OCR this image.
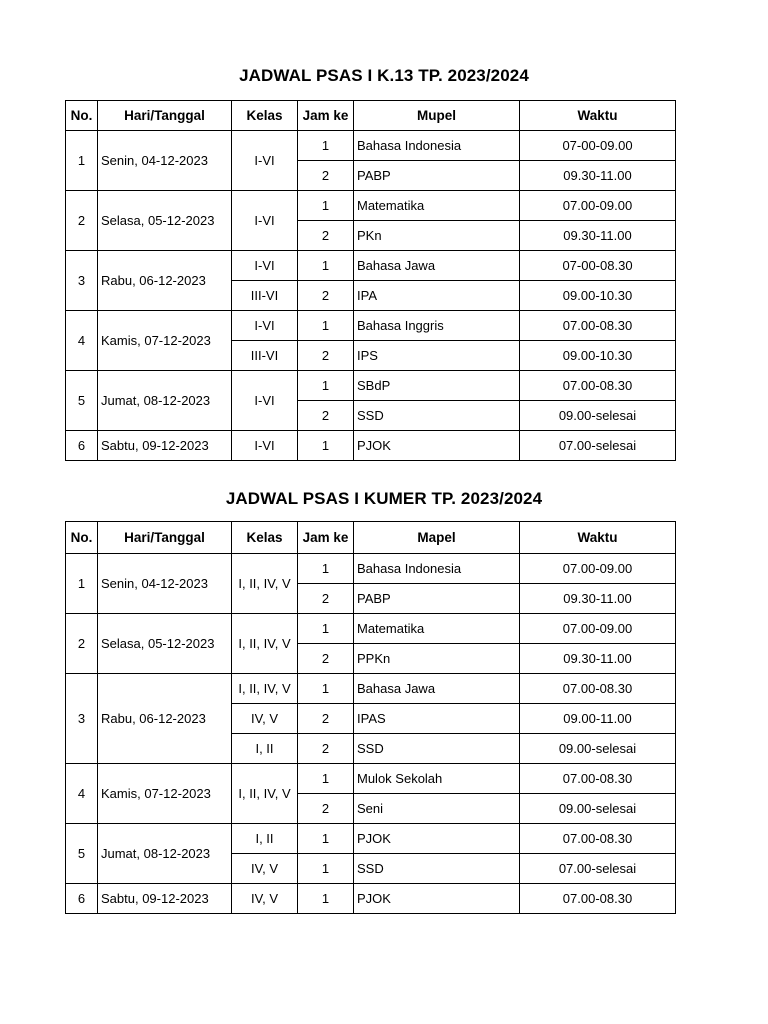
JADWAL PSAS I K.13 TP. 2023/2024
No.	Hari/Tanggal	Kelas	Jam ke	Mupel	Waktu
1	Senin, 04-12-2023	I-VI	1	Bahasa Indonesia	07-00-09.00
			2	PABP	09.30-11.00
2	Selasa, 05-12-2023	I-VI	1	Matematika	07.00-09.00
			2	PKn	09.30-11.00
3	Rabu, 06-12-2023	I-VI	1	Bahasa Jawa	07-00-08.30
		III-VI	2	IPA	09.00-10.30
4	Kamis, 07-12-2023	I-VI	1	Bahasa Inggris	07.00-08.30
		III-VI	2	IPS	09.00-10.30
5	Jumat, 08-12-2023	I-VI	1	SBdP	07.00-08.30
			2	SSD	09.00-selesai
6	Sabtu, 09-12-2023	I-VI	1	PJOK	07.00-selesai
JADWAL PSAS I KUMER TP. 2023/2024
No.	Hari/Tanggal	Kelas	Jam ke	Mapel	Waktu
1	Senin, 04-12-2023	I, II, IV, V	1	Bahasa Indonesia	07.00-09.00
			2	PABP	09.30-11.00
2	Selasa, 05-12-2023	I, II, IV, V	1	Matematika	07.00-09.00
			2	PPKn	09.30-11.00
3	Rabu, 06-12-2023	I, II, IV, V	1	Bahasa Jawa	07.00-08.30
		IV, V	2	IPAS	09.00-11.00
		I, II	2	SSD	09.00-selesai
4	Kamis, 07-12-2023	I, II, IV, V	1	Mulok Sekolah	07.00-08.30
			2	Seni	09.00-selesai
5	Jumat, 08-12-2023	I, II	1	PJOK	07.00-08.30
		IV, V	1	SSD	07.00-selesai
6	Sabtu, 09-12-2023	IV, V	1	PJOK	07.00-08.30
